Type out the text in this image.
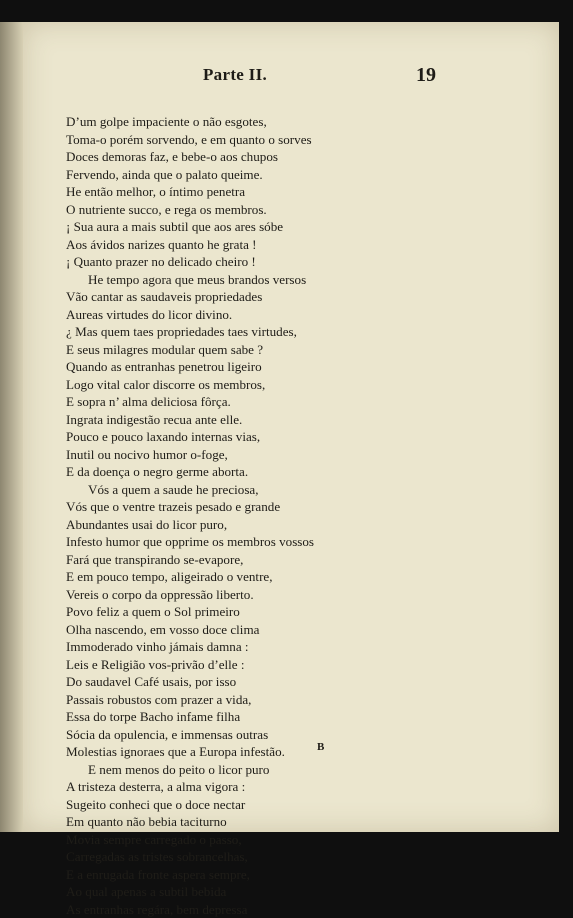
Parte II.	19
D’um golpe impaciente o não esgotes,
Toma-o porém sorvendo, e em quanto o sorves
Doces demoras faz, e bebe-o aos chupos
Fervendo, ainda que o palato queime.
He então melhor, o íntimo penetra
O nutriente succo, e rega os membros.
¡ Sua aura a mais subtil que aos ares sóbe
Aos ávidos narizes quanto he grata !
¡ Quanto prazer no delicado cheiro !
He tempo agora que meus brandos versos
Vão cantar as saudaveis propriedades
Aureas virtudes do licor divino.
¿ Mas quem taes propriedades taes virtudes,
E seus milagres modular quem sabe ?
Quando as entranhas penetrou ligeiro
Logo vital calor discorre os membros,
E sopra n’ alma deliciosa fôrça.
Ingrata indigestão recua ante elle.
Pouco e pouco laxando internas vias,
Inutil ou nocivo humor o-foge,
E da doença o negro germe aborta.
Vós a quem a saude he preciosa,
Vós que o ventre trazeis pesado e grande
Abundantes usai do licor puro,
Infesto humor que opprime os membros vossos
Fará que transpirando se-evapore,
E em pouco tempo, aligeirado o ventre,
Vereis o corpo da oppressão liberto.
Povo feliz a quem o Sol primeiro
Olha nascendo, em vosso doce clima
Immoderado vinho jámais damna :
Leis e Religião vos-privão d’elle :
Do saudavel Café usais, por isso
Passais robustos com prazer a vida,
Essa do torpe Bacho infame filha
Sócia da opulencia, e immensas outras
Molestias ignoraes que a Europa infestão.
E nem menos do peito o licor puro
A tristeza desterra, a alma vigora :
Sugeito conheci que o doce nectar
Em quanto não bebia taciturno
Movia sempre carregado o passo,
Carregadas as tristes sobrancelhas,
E a enrugada fronte aspera sempre,
Ao qual apenas a subtil bebida
As entranhas regára, bem depressa
B
